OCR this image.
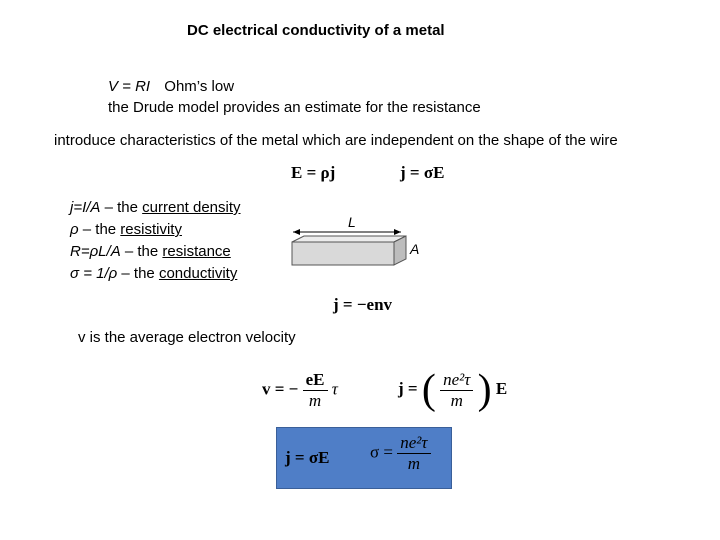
DC electrical conductivity of a metal
V = RI Ohm’s low
the Drude model provides an estimate for the resistance
introduce characteristics of the metal which are independent on the shape of the wire
E = ρj	j = σE
j=I/A – the current density
ρ – the resistivity
R=ρL/A – the resistance
σ = 1/ρ – the conductivity
L
A
j = −env
v is the average electron velocity
v = − $\frac{eE}{m}$ τ	j = ( $\frac{\text{ne²τ}}{m}$ ) E
j = σE $\sigma = \frac{\text{ne²τ}}{m}$
